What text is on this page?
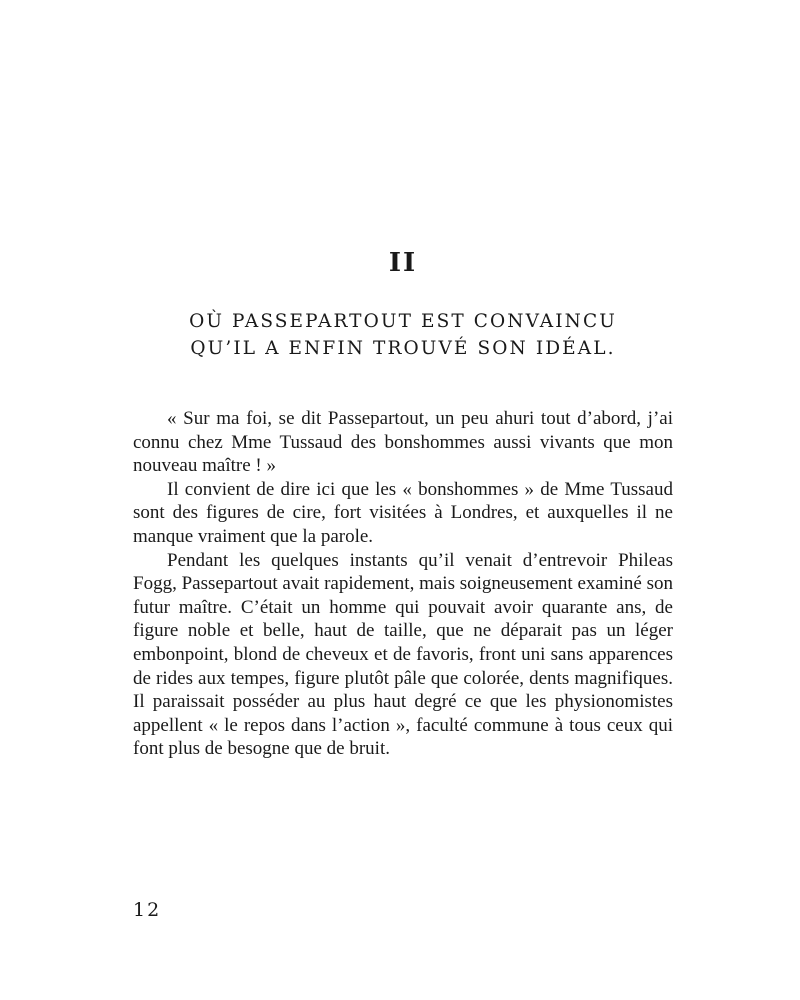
II
OÙ PASSEPARTOUT EST CONVAINCU
QU’IL A ENFIN TROUVÉ SON IDÉAL.

« Sur ma foi, se dit Passepartout, un peu ahuri tout d’abord, j’ai connu chez Mme Tussaud des bonshommes aussi vivants que mon nouveau maître ! »

Il convient de dire ici que les « bonshommes » de Mme Tussaud sont des figures de cire, fort visitées à Londres, et auxquelles il ne manque vraiment que la parole.

Pendant les quelques instants qu’il venait d’entrevoir Phileas Fogg, Passepartout avait rapidement, mais soigneusement examiné son futur maître. C’était un homme qui pouvait avoir quarante ans, de figure noble et belle, haut de taille, que ne déparait pas un léger embonpoint, blond de cheveux et de favoris, front uni sans apparences de rides aux tempes, figure plutôt pâle que colorée, dents magnifiques. Il paraissait posséder au plus haut degré ce que les physionomistes appellent « le repos dans l’action », faculté commune à tous ceux qui font plus de besogne que de bruit.

12
